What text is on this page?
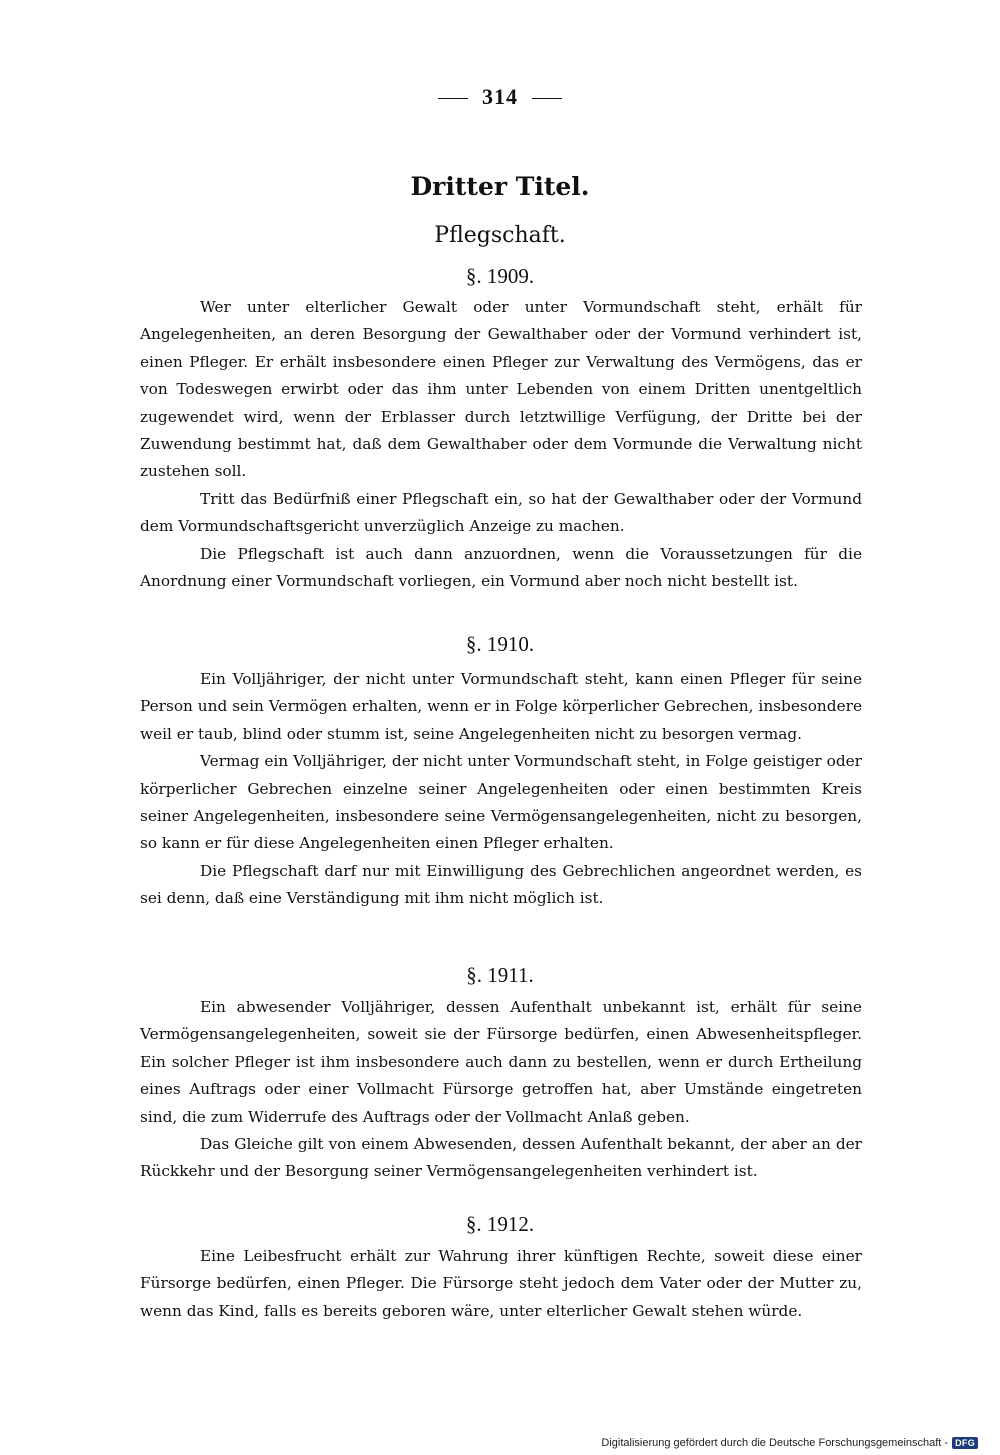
314
Dritter Titel.
Pflegschaft.
§. 1909.

Wer unter elterlicher Gewalt oder unter Vormundschaft steht, erhält für Angelegenheiten, an deren Besorgung der Gewalthaber oder der Vormund verhindert ist, einen Pfleger. Er erhält insbesondere einen Pfleger zur Verwaltung des Vermögens, das er von Todeswegen erwirbt oder das ihm unter Lebenden von einem Dritten unentgeltlich zugewendet wird, wenn der Erblasser durch letztwillige Verfügung, der Dritte bei der Zuwendung bestimmt hat, daß dem Gewalthaber oder dem Vormunde die Verwaltung nicht zustehen soll.

Tritt das Bedürfniß einer Pflegschaft ein, so hat der Gewalthaber oder der Vormund dem Vormundschaftsgericht unverzüglich Anzeige zu machen.

Die Pflegschaft ist auch dann anzuordnen, wenn die Voraussetzungen für die Anordnung einer Vormundschaft vorliegen, ein Vormund aber noch nicht bestellt ist.

§. 1910.

Ein Volljähriger, der nicht unter Vormundschaft steht, kann einen Pfleger für seine Person und sein Vermögen erhalten, wenn er in Folge körperlicher Gebrechen, insbesondere weil er taub, blind oder stumm ist, seine Angelegenheiten nicht zu besorgen vermag.

Vermag ein Volljähriger, der nicht unter Vormundschaft steht, in Folge geistiger oder körperlicher Gebrechen einzelne seiner Angelegenheiten oder einen bestimmten Kreis seiner Angelegenheiten, insbesondere seine Vermögensangelegenheiten, nicht zu besorgen, so kann er für diese Angelegenheiten einen Pfleger erhalten.

Die Pflegschaft darf nur mit Einwilligung des Gebrechlichen angeordnet werden, es sei denn, daß eine Verständigung mit ihm nicht möglich ist.

§. 1911.

Ein abwesender Volljähriger, dessen Aufenthalt unbekannt ist, erhält für seine Vermögensangelegenheiten, soweit sie der Fürsorge bedürfen, einen Abwesenheitspfleger. Ein solcher Pfleger ist ihm insbesondere auch dann zu bestellen, wenn er durch Ertheilung eines Auftrags oder einer Vollmacht Fürsorge getroffen hat, aber Umstände eingetreten sind, die zum Widerrufe des Auftrags oder der Vollmacht Anlaß geben.

Das Gleiche gilt von einem Abwesenden, dessen Aufenthalt bekannt, der aber an der Rückkehr und der Besorgung seiner Vermögensangelegenheiten verhindert ist.

§. 1912.

Eine Leibesfrucht erhält zur Wahrung ihrer künftigen Rechte, soweit diese einer Fürsorge bedürfen, einen Pfleger. Die Fürsorge steht jedoch dem Vater oder der Mutter zu, wenn das Kind, falls es bereits geboren wäre, unter elterlicher Gewalt stehen würde.

Digitalisierung gefördert durch die Deutsche Forschungsgemeinschaft - DFG
